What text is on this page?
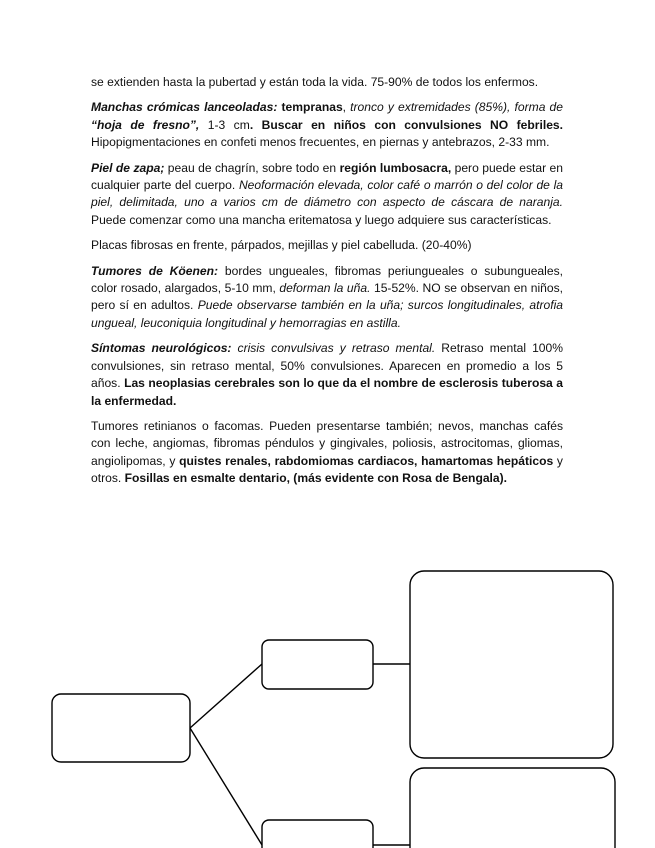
se extienden hasta la pubertad y están toda la vida. 75-90% de todos los enfermos.

Manchas crómicas lanceoladas: tempranas, tronco y extremidades (85%), forma de “hoja de fresno”, 1-3 cm. Buscar en niños con convulsiones NO febriles. Hipopigmentaciones en confeti menos frecuentes, en piernas y antebrazos, 2-33 mm.

Piel de zapa; peau de chagrín, sobre todo en región lumbosacra, pero puede estar en cualquier parte del cuerpo. Neoformación elevada, color café o marrón o del color de la piel, delimitada, uno a varios cm de diámetro con aspecto de cáscara de naranja. Puede comenzar como una mancha eritematosa y luego adquiere sus características.

Placas fibrosas en frente, párpados, mejillas y piel cabelluda. (20-40%)

Tumores de Köenen: bordes ungueales, fibromas periungueales o subungueales, color rosado, alargados, 5-10 mm, deforman la uña. 15-52%. NO se observan en niños, pero sí en adultos. Puede observarse también en la uña; surcos longitudinales, atrofia ungueal, leuconiquia longitudinal y hemorragias en astilla.

Síntomas neurológicos: crisis convulsivas y retraso mental. Retraso mental 100% convulsiones, sin retraso mental, 50% convulsiones. Aparecen en promedio a los 5 años. Las neoplasias cerebrales son lo que da el nombre de esclerosis tuberosa a la enfermedad.

Tumores retinianos o facomas. Pueden presentarse también; nevos, manchas cafés con leche, angiomas, fibromas péndulos y gingivales, poliosis, astrocitomas, gliomas, angiolipomas, y quistes renales, rabdomiomas cardiacos, hamartomas hepáticos y otros. Fosillas en esmalte dentario, (más evidente con Rosa de Bengala).
